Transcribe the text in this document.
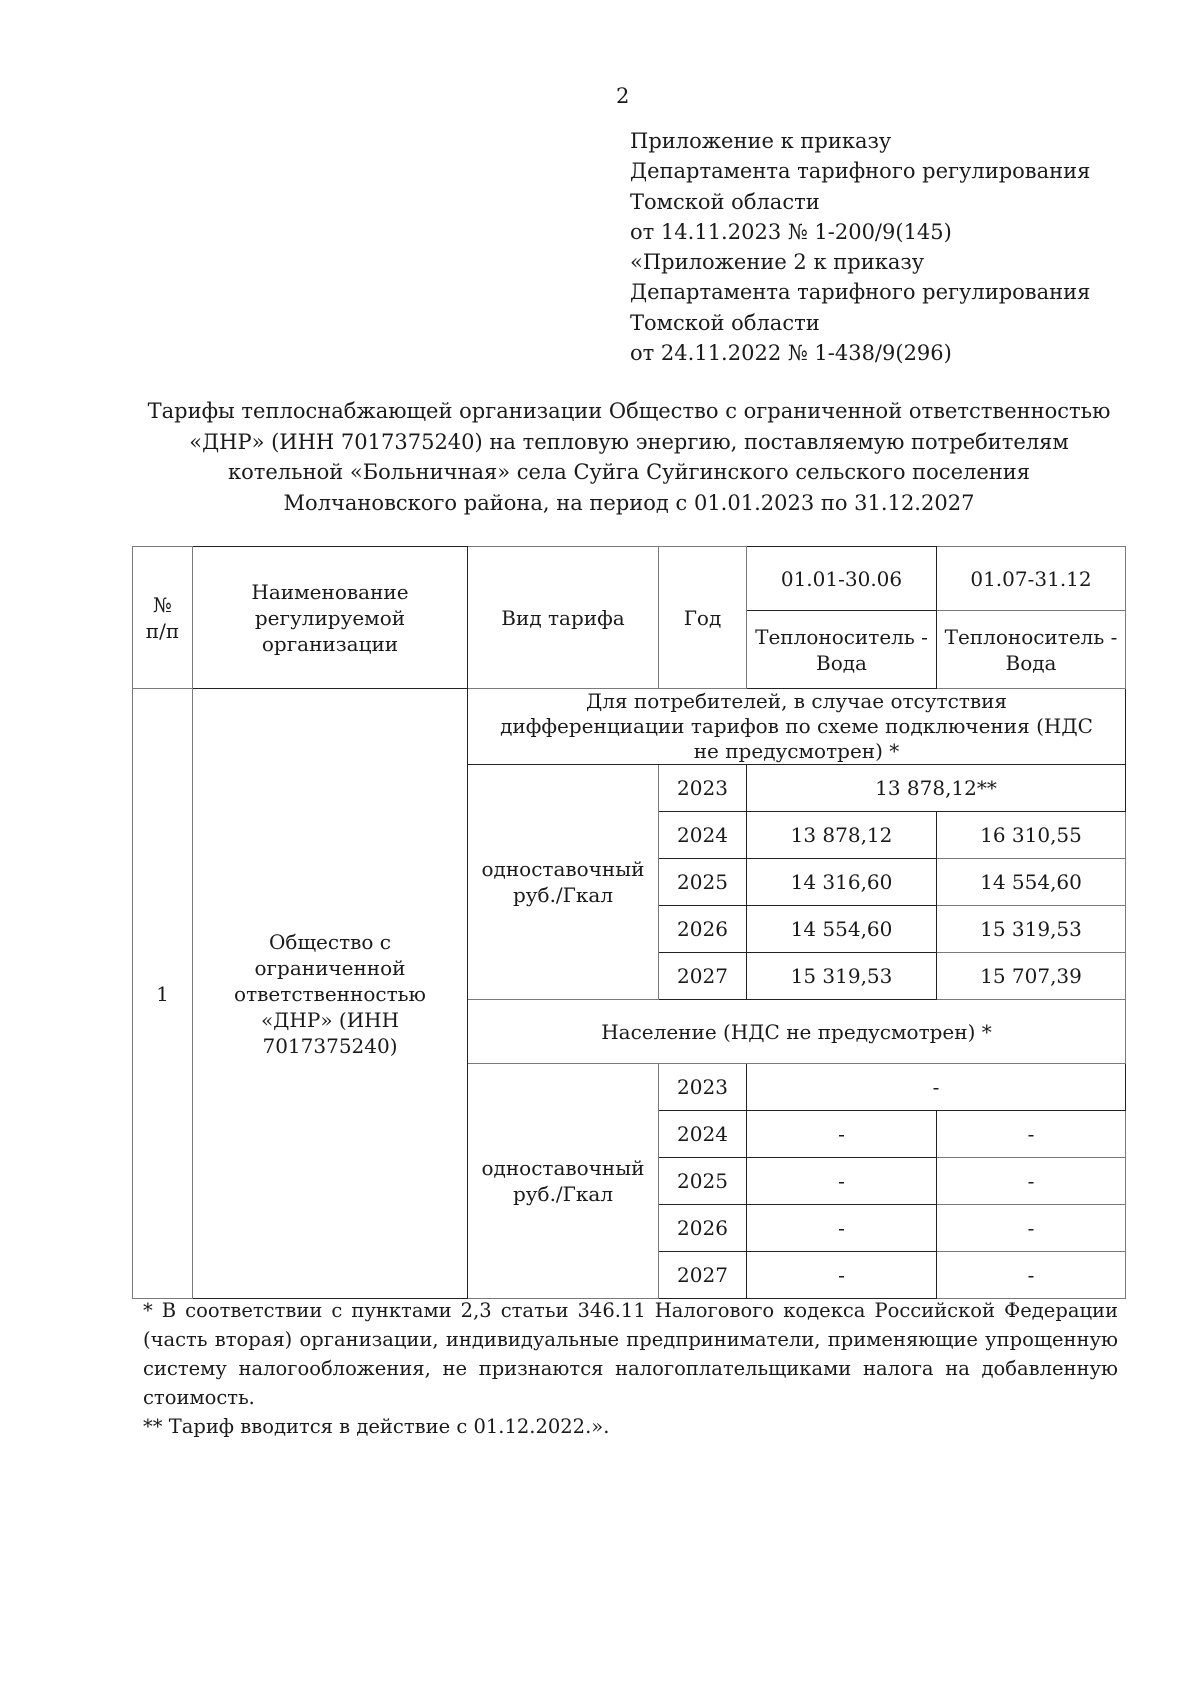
2
Приложение к приказу
Департамента тарифного регулирования
Томской области
от 14.11.2023 № 1-200/9(145)
«Приложение 2 к приказу
Департамента тарифного регулирования
Томской области
от 24.11.2022 № 1-438/9(296)
Тарифы теплоснабжающей организации Общество с ограниченной ответственностью
«ДНР» (ИНН 7017375240) на тепловую энергию, поставляемую потребителям
котельной «Больничная» села Суйга Суйгинского сельского поселения
Молчановского района, на период с 01.01.2023 по 31.12.2027
№ п/п	Наименование регулируемой организации	Вид тарифа	Год	01.01-30.06	01.07-31.12
				Теплоноситель - Вода	Теплоноситель - Вода
1	Общество с ограниченной ответственностью «ДНР» (ИНН 7017375240)	Для потребителей, в случае отсутствия дифференциации тарифов по схеме подключения (НДС не предусмотрен) *			
		одноставочный руб./Гкал	2023	13 878,12**	
			2024	13 878,12	16 310,55
			2025	14 316,60	14 554,60
			2026	14 554,60	15 319,53
			2027	15 319,53	15 707,39
		Население (НДС не предусмотрен) *			
		одноставочный руб./Гкал	2023	-	
			2024	-	-
			2025	-	-
			2026	-	-
			2027	-	-

* В соответствии с пунктами 2,3 статьи 346.11 Налогового кодекса Российской Федерации (часть вторая) организации, индивидуальные предприниматели, применяющие упрощенную систему налогообложения, не признаются налогоплательщиками налога на добавленную стоимость.

** Тариф вводится в действие с 01.12.2022.».
